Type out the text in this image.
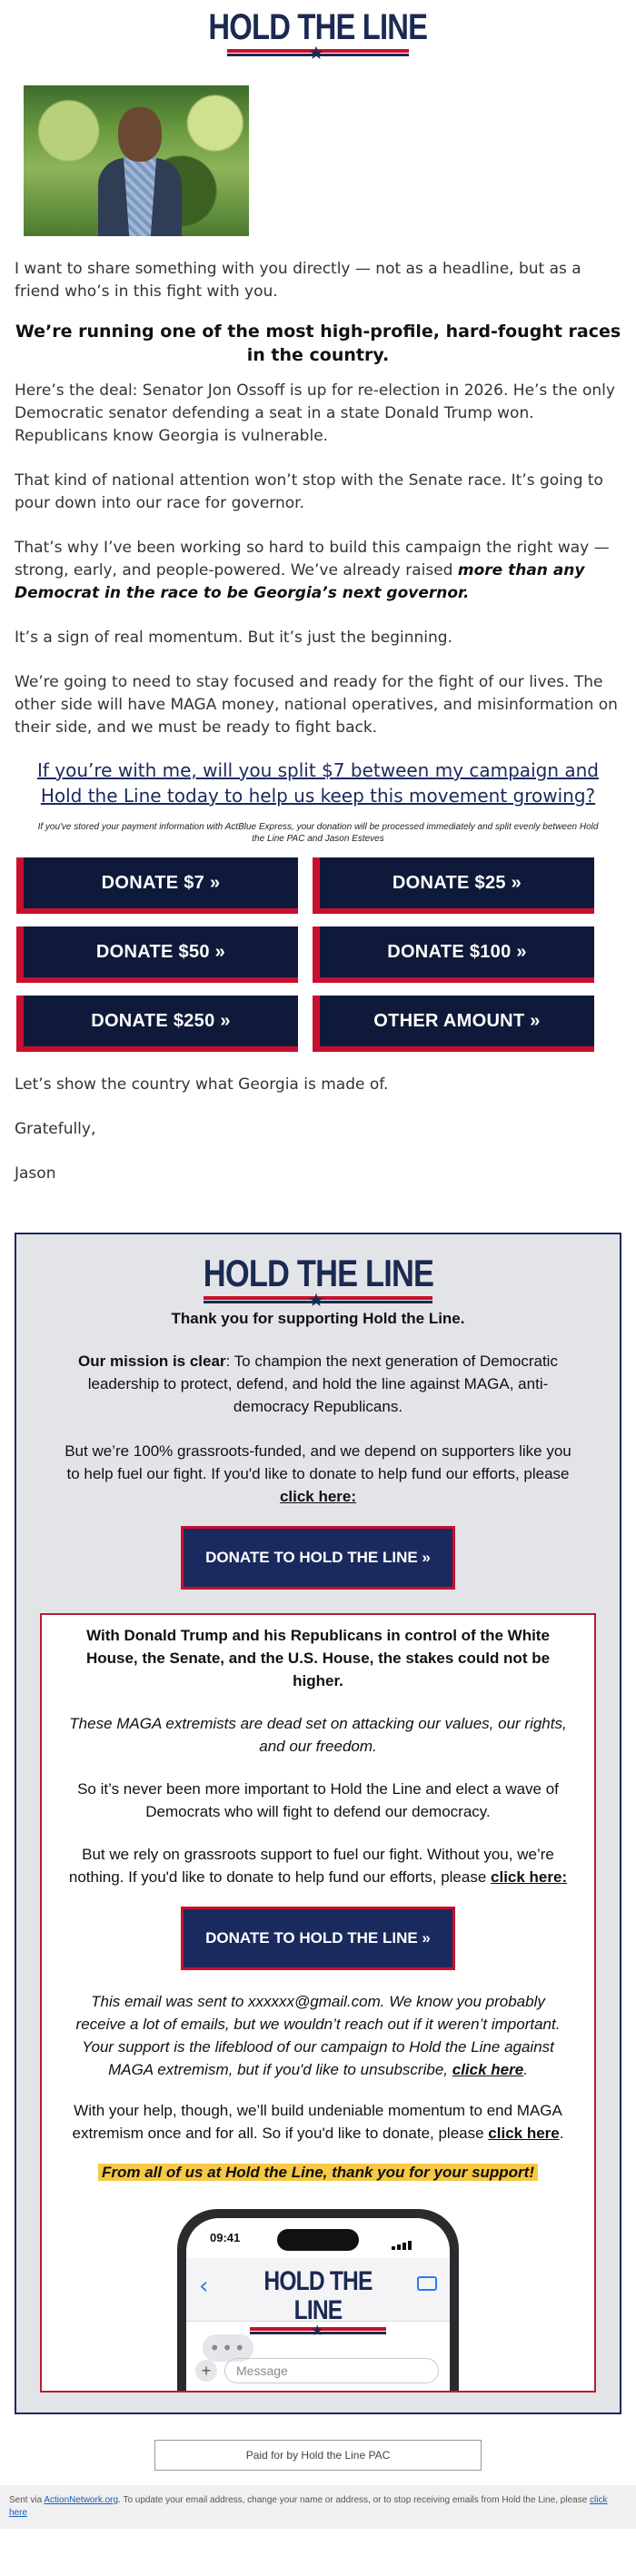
HOLD THE LINE
★

I want to share something with you directly — not as a headline, but as a friend who’s in this fight with you.

We’re running one of the most high-profile, hard-fought races in the country.

Here’s the deal: Senator Jon Ossoff is up for re-election in 2026. He’s the only Democratic senator defending a seat in a state Donald Trump won. Republicans know Georgia is vulnerable.

That kind of national attention won’t stop with the Senate race. It’s going to pour down into our race for governor.

That’s why I’ve been working so hard to build this campaign the right way — strong, early, and people-powered. We’ve already raised more than any Democrat in the race to be Georgia’s next governor.

It’s a sign of real momentum. But it’s just the beginning.

We’re going to need to stay focused and ready for the fight of our lives. The other side will have MAGA money, national operatives, and misinformation on their side, and we must be ready to fight back.

If you’re with me, will you split $7 between my campaign and Hold the Line today to help us keep this movement growing?

If you've stored your payment information with ActBlue Express, your donation will be processed immediately and split evenly between Hold the Line PAC and Jason Esteves

DONATE $7 »	DONATE $25 »
DONATE $50 »	DONATE $100 »
DONATE $250 »	OTHER AMOUNT »

Let’s show the country what Georgia is made of.

Gratefully,

Jason

HOLD THE LINE
★

Thank you for supporting Hold the Line.

Our mission is clear: To champion the next generation of Democratic leadership to protect, defend, and hold the line against MAGA, anti-democracy Republicans.

But we’re 100% grassroots-funded, and we depend on supporters like you to help fuel our fight. If you'd like to donate to help fund our efforts, please click here:

DONATE TO HOLD THE LINE »

With Donald Trump and his Republicans in control of the White House, the Senate, and the U.S. House, the stakes could not be higher.

These MAGA extremists are dead set on attacking our values, our rights, and our freedom.

So it’s never been more important to Hold the Line and elect a wave of Democrats who will fight to defend our democracy.

But we rely on grassroots support to fuel our fight. Without you, we’re nothing. If you'd like to donate to help fund our efforts, please click here:

DONATE TO HOLD THE LINE »

This email was sent to xxxxxx@gmail.com. We know you probably receive a lot of emails, but we wouldn’t reach out if it weren’t important. Your support is the lifeblood of our campaign to Hold the Line against MAGA extremism, but if you'd like to unsubscribe, click here.

With your help, though, we’ll build undeniable momentum to end MAGA extremism once and for all. So if you'd like to donate, please click here.

From all of us at Hold the Line, thank you for your support!

09:41
‹	HOLD THE LINE
★
•••
+	Message
Paid for by Hold the Line PAC
Sent via ActionNetwork.org. To update your email address, change your name or address, or to stop receiving emails from Hold the Line, please click here
